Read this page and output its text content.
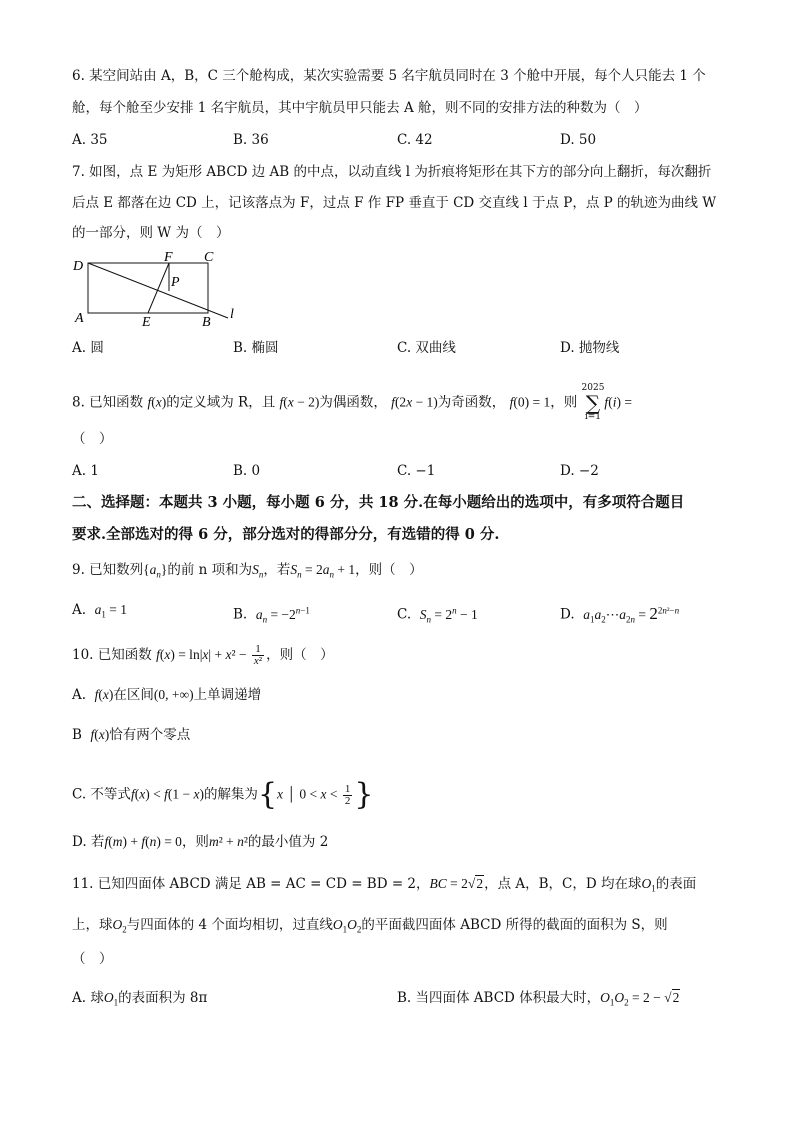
6. 某空间站由 A，B，C 三个舱构成，某次实验需要 5 名宇航员同时在 3 个舱中开展，每个人只能去 1 个
舱，每个舱至少安排 1 名宇航员，其中宇航员甲只能去 A 舱，则不同的安排方法的种数为（　）
A. 35	B. 36	C. 42	D. 50
7. 如图，点 E 为矩形 ABCD 边 AB 的中点，以动直线 l 为折痕将矩形在其下方的部分向上翻折，每次翻折
后点 E 都落在边 CD 上，记该落点为 F，过点 F 作 FP 垂直于 CD 交直线 l 于点 P，点 P 的轨迹为曲线 W
的一部分，则 W 为（　）
D
F C
P
A	E	B
l
A. 圆	B. 椭圆	C. 双曲线	D. 抛物线
8. 已知函数 f(x)的定义域为 R，且 f(x − 2)为偶函数， f(2x − 1)为奇函数， f(0) = 1，则 2025
∑
i=1f(i) =
（　）
A. 1	B. 0	C. −1	D. −2
二、选择题：本题共 3 小题，每小题 6 分，共 18 分.在每小题给出的选项中，有多项符合题目
要求.全部选对的得 6 分，部分选对的得部分分，有选错的得 0 分.
9. 已知数列$\{a_n\}$的前 n 项和为$S_n$，若$S_n = 2a_n + 1$，则（　）
A. $a_1 = 1$	B. $a_n = -2^{n-1}$	C. $S_n = 2^n - 1$	D. $a_1a_2\cdots a_{2n} = 2^{2n^2-n}$
10. 已知函数 $f(x) = \ln|x| + x^2 - \frac{1}{\text{x²}}$ ，则（　）
A. f(x)在区间(0, +∞)上单调递增
B f(x)恰有两个零点
C. 不等式f(x) < f(1 − x)的解集为{x │ $0 < x < \frac{1}{2}$ }
D. 若f(m) + f(n) = 0，则m² + n²的最小值为 2
11. 已知四面体 ABCD 满足 AB = AC = CD = BD = 2，BC = 2√2，点 A，B，C，D 均在球$O_1$的表面
上，球$O_2$与四面体的 4 个面均相切，过直线$O_1O_2$的平面截四面体 ABCD 所得的截面的面积为 S，则
（　）
A. 球$O_1$的表面积为 8π	B. 当四面体 ABCD 体积最大时，$O_1O_2 = 2 - √2$
